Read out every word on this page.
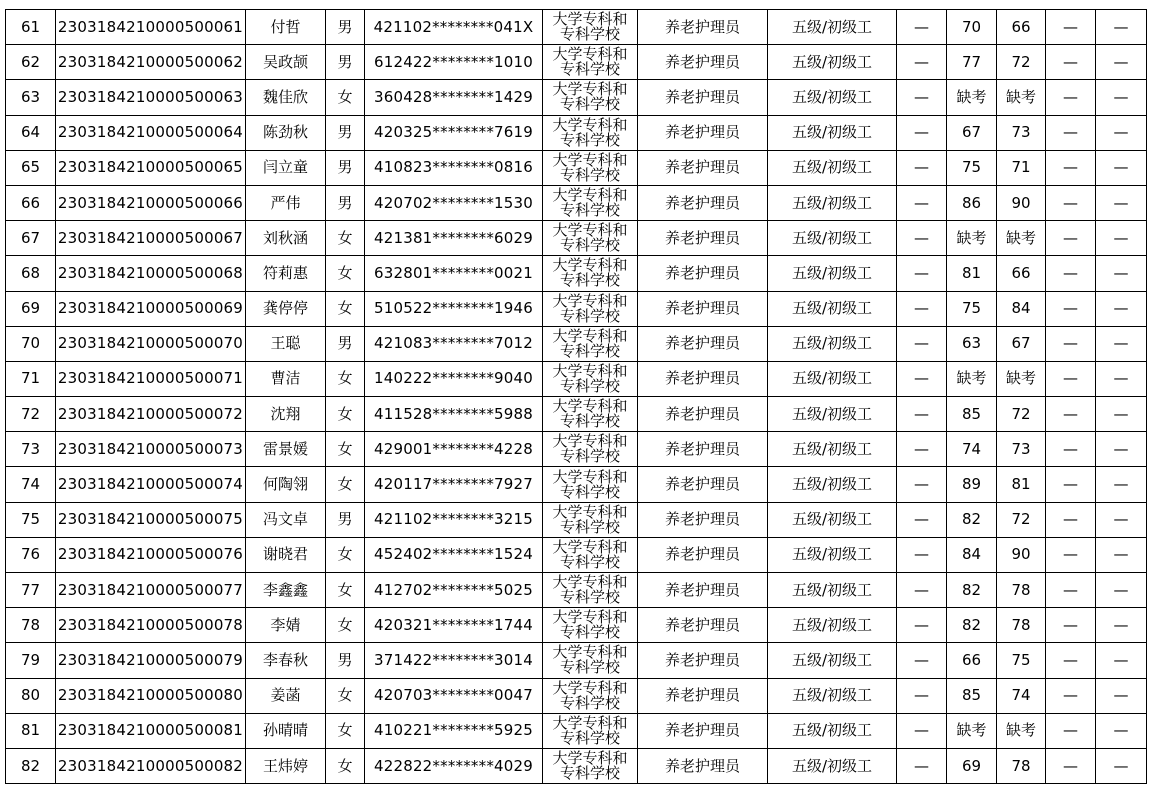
61	2303184210000500061	付哲	男	421102********041X	大学专科和
专科学校	养老护理员	五级/初级工	—	70	66	—	—
62	2303184210000500062	吴政颉	男	612422********1010	大学专科和
专科学校	养老护理员	五级/初级工	—	77	72	—	—
63	2303184210000500063	魏佳欣	女	360428********1429	大学专科和
专科学校	养老护理员	五级/初级工	—	缺考	缺考	—	—
64	2303184210000500064	陈劲秋	男	420325********7619	大学专科和
专科学校	养老护理员	五级/初级工	—	67	73	—	—
65	2303184210000500065	闫立童	男	410823********0816	大学专科和
专科学校	养老护理员	五级/初级工	—	75	71	—	—
66	2303184210000500066	严伟	男	420702********1530	大学专科和
专科学校	养老护理员	五级/初级工	—	86	90	—	—
67	2303184210000500067	刘秋涵	女	421381********6029	大学专科和
专科学校	养老护理员	五级/初级工	—	缺考	缺考	—	—
68	2303184210000500068	符莉惠	女	632801********0021	大学专科和
专科学校	养老护理员	五级/初级工	—	81	66	—	—
69	2303184210000500069	龚停停	女	510522********1946	大学专科和
专科学校	养老护理员	五级/初级工	—	75	84	—	—
70	2303184210000500070	王聪	男	421083********7012	大学专科和
专科学校	养老护理员	五级/初级工	—	63	67	—	—
71	2303184210000500071	曹洁	女	140222********9040	大学专科和
专科学校	养老护理员	五级/初级工	—	缺考	缺考	—	—
72	2303184210000500072	沈翔	女	411528********5988	大学专科和
专科学校	养老护理员	五级/初级工	—	85	72	—	—
73	2303184210000500073	雷景媛	女	429001********4228	大学专科和
专科学校	养老护理员	五级/初级工	—	74	73	—	—
74	2303184210000500074	何陶翎	女	420117********7927	大学专科和
专科学校	养老护理员	五级/初级工	—	89	81	—	—
75	2303184210000500075	冯文卓	男	421102********3215	大学专科和
专科学校	养老护理员	五级/初级工	—	82	72	—	—
76	2303184210000500076	谢晓君	女	452402********1524	大学专科和
专科学校	养老护理员	五级/初级工	—	84	90	—	—
77	2303184210000500077	李鑫鑫	女	412702********5025	大学专科和
专科学校	养老护理员	五级/初级工	—	82	78	—	—
78	2303184210000500078	李婧	女	420321********1744	大学专科和
专科学校	养老护理员	五级/初级工	—	82	78	—	—
79	2303184210000500079	李春秋	男	371422********3014	大学专科和
专科学校	养老护理员	五级/初级工	—	66	75	—	—
80	2303184210000500080	姜菡	女	420703********0047	大学专科和
专科学校	养老护理员	五级/初级工	—	85	74	—	—
81	2303184210000500081	孙晴晴	女	410221********5925	大学专科和
专科学校	养老护理员	五级/初级工	—	缺考	缺考	—	—
82	2303184210000500082	王炜婷	女	422822********4029	大学专科和
专科学校	养老护理员	五级/初级工	—	69	78	—	—
